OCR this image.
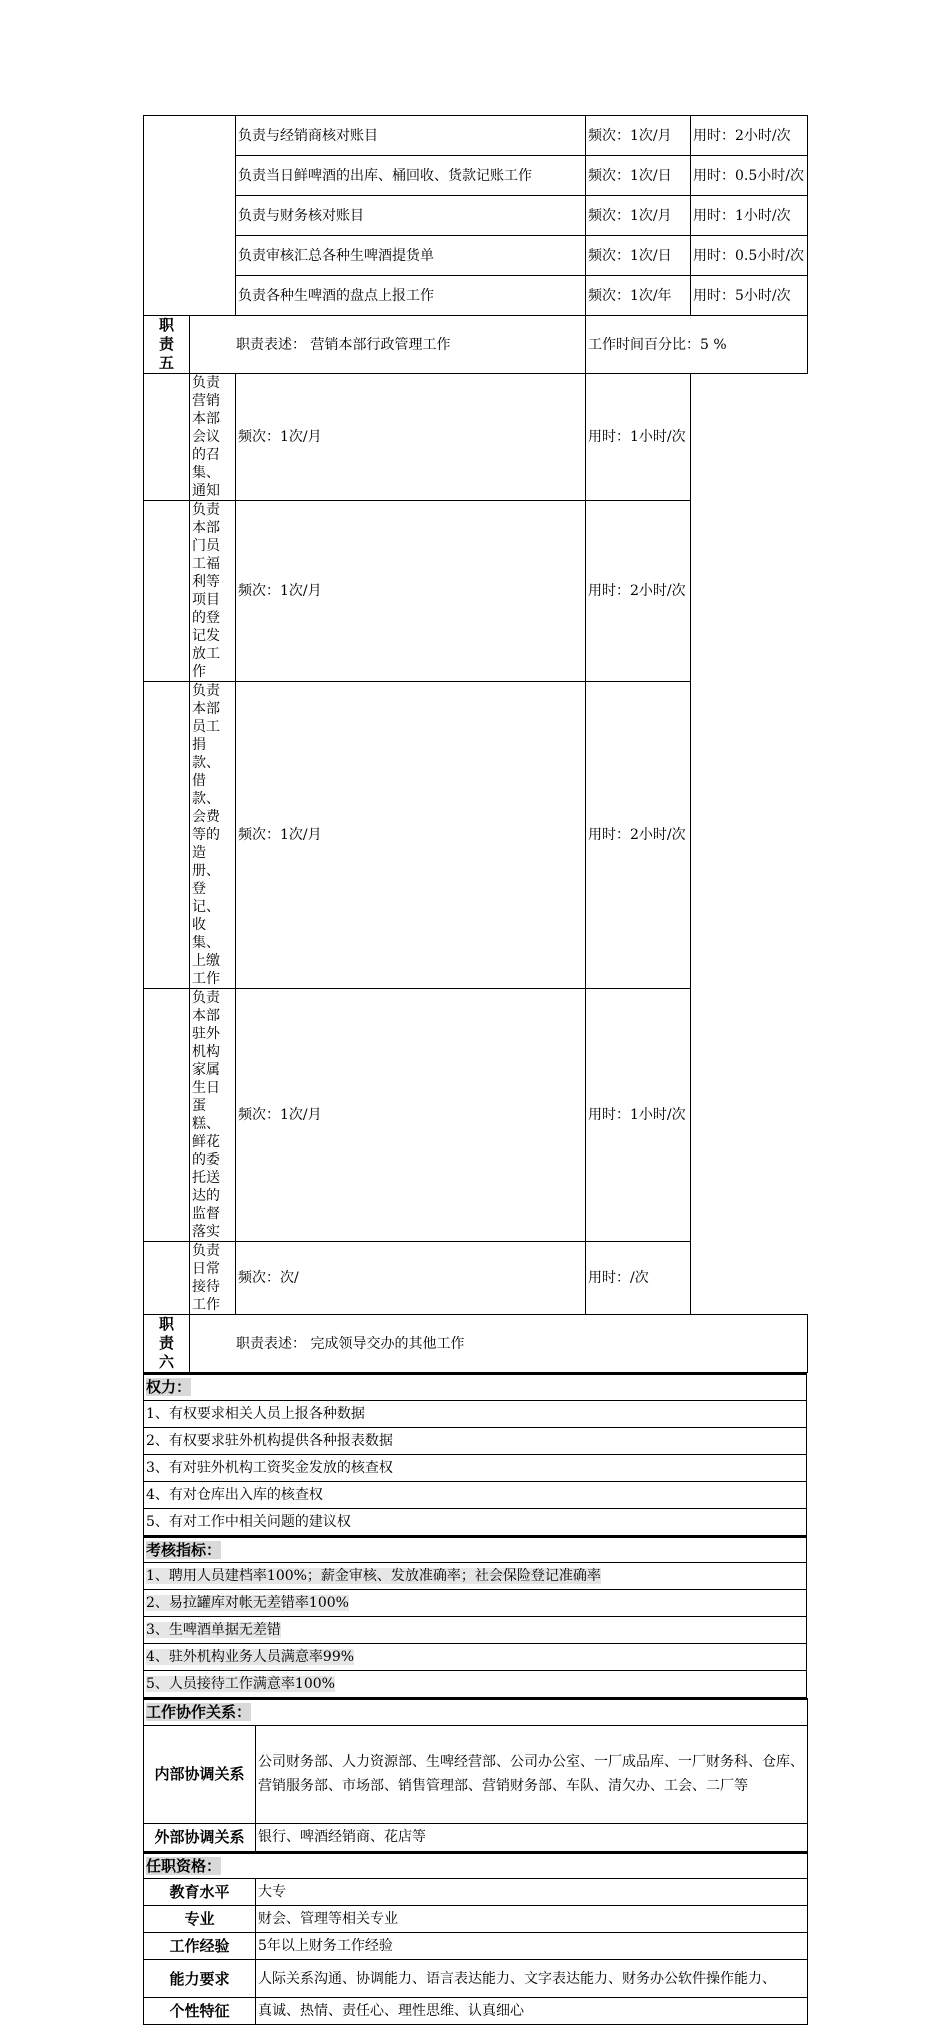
		负责与经销商核对账目	频次：1次/月	用时：2小时/次
		负责当日鲜啤酒的出库、桶回收、货款记账工作	频次：1次/日	用时：0.5小时/次
		负责与财务核对账目	频次：1次/月	用时：1小时/次
		负责审核汇总各种生啤酒提货单	频次：1次/日	用时：0.5小时/次
		负责各种生啤酒的盘点上报工作	频次：1次/年	用时：5小时/次

职
责
五	职责表述： 营销本部行政管理工作		工作时间百分比：5 %	
	负责营销本部会议的召集、通知	频次：1次/月	用时：1小时/次	
	负责本部门员工福利等项目的登记发放工作	频次：1次/月	用时：2小时/次	
	负责本部员工捐款、借款、会费等的造册、登记、收集、上缴工作	频次：1次/月	用时：2小时/次	
	负责本部驻外机构家属生日蛋糕、鲜花的委托送达的监督落实	频次：1次/月	用时：1小时/次	
	负责日常接待工作	频次：次/	用时：/次	

职
责
六	职责表述： 完成领导交办的其他工作			
权力：
1、有权要求相关人员上报各种数据
2、有权要求驻外机构提供各种报表数据
3、有对驻外机构工资奖金发放的核查权
4、有对仓库出入库的核查权
5、有对工作中相关问题的建议权
考核指标：
1、聘用人员建档率100%；薪金审核、发放准确率；社会保险登记准确率
2、易拉罐库对帐无差错率100%
3、生啤酒单据无差错
4、驻外机构业务人员满意率99%
5、人员接待工作满意率100%
工作协作关系：	
内部协调关系	公司财务部、人力资源部、生啤经营部、公司办公室、一厂成品库、一厂财务科、仓库、营销服务部、市场部、销售管理部、营销财务部、车队、清欠办、工会、二厂等
外部协调关系	银行、啤酒经销商、花店等
任职资格：	
教育水平	大专
专业	财会、管理等相关专业
工作经验	5年以上财务工作经验
能力要求	人际关系沟通、协调能力、语言表达能力、文字表达能力、财务办公软件操作能力、
个性特征	真诚、热情、责任心、理性思维、认真细心
